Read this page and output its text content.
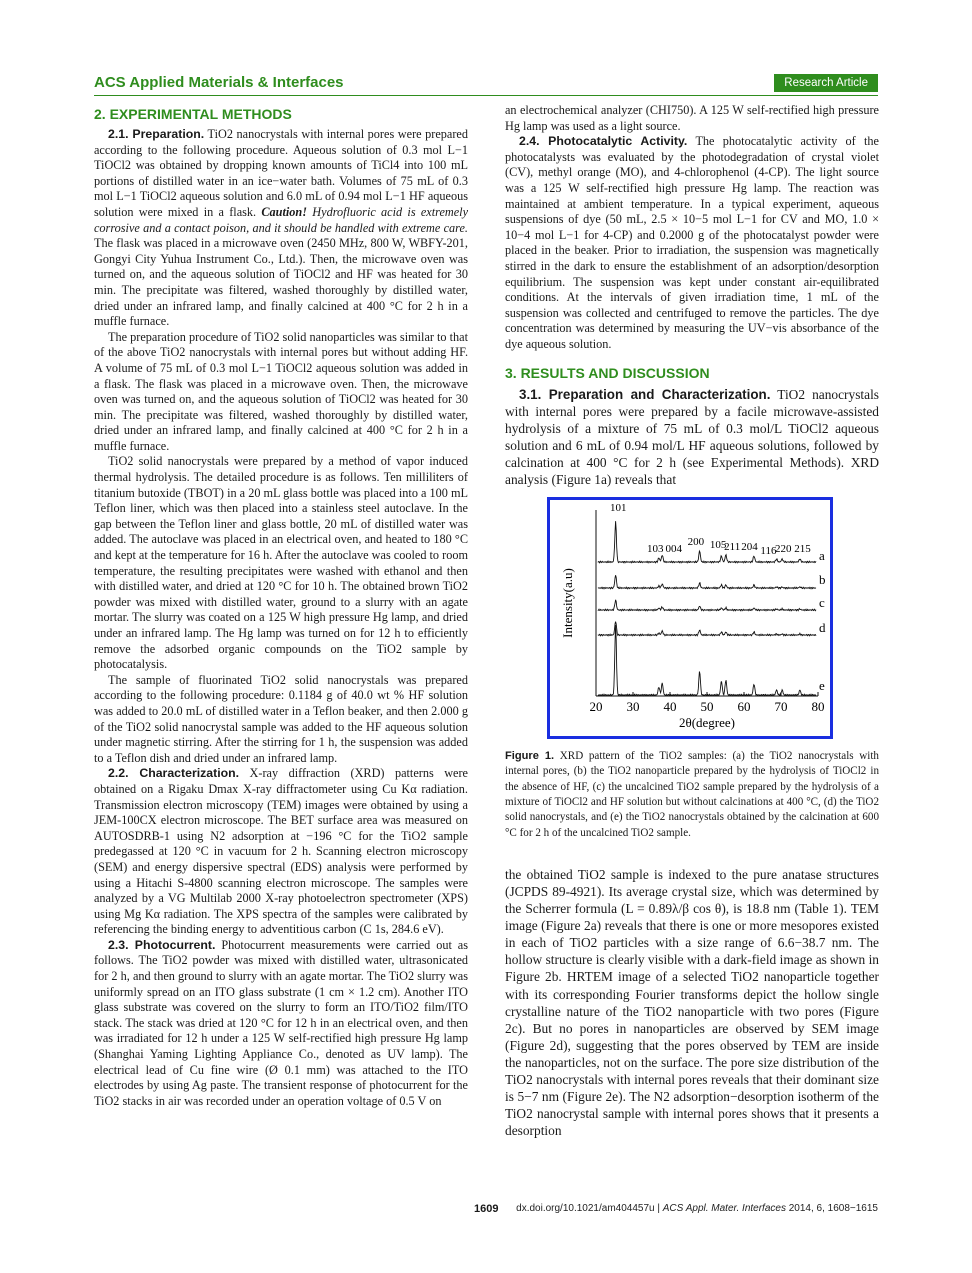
ACS Applied Materials & Interfaces	Research Article
2. EXPERIMENTAL METHODS

2.1. Preparation. TiO2 nanocrystals with internal pores were prepared according to the following procedure. Aqueous solution of 0.3 mol L−1 TiOCl2 was obtained by dropping known amounts of TiCl4 into 100 mL portions of distilled water in an ice−water bath. Volumes of 75 mL of 0.3 mol L−1 TiOCl2 aqueous solution and 6.0 mL of 0.94 mol L−1 HF aqueous solution were mixed in a flask. Caution! Hydrofluoric acid is extremely corrosive and a contact poison, and it should be handled with extreme care. The flask was placed in a microwave oven (2450 MHz, 800 W, WBFY-201, Gongyi City Yuhua Instrument Co., Ltd.). Then, the microwave oven was turned on, and the aqueous solution of TiOCl2 and HF was heated for 30 min. The precipitate was filtered, washed thoroughly by distilled water, dried under an infrared lamp, and finally calcined at 400 °C for 2 h in a muffle furnace.

The preparation procedure of TiO2 solid nanoparticles was similar to that of the above TiO2 nanocrystals with internal pores but without adding HF. A volume of 75 mL of 0.3 mol L−1 TiOCl2 aqueous solution was added in a flask. The flask was placed in a microwave oven. Then, the microwave oven was turned on, and the aqueous solution of TiOCl2 was heated for 30 min. The precipitate was filtered, washed thoroughly by distilled water, dried under an infrared lamp, and finally calcined at 400 °C for 2 h in a muffle furnace.

TiO2 solid nanocrystals were prepared by a method of vapor induced thermal hydrolysis. The detailed procedure is as follows. Ten milliliters of titanium butoxide (TBOT) in a 20 mL glass bottle was placed into a 100 mL Teflon liner, which was then placed into a stainless steel autoclave. In the gap between the Teflon liner and glass bottle, 20 mL of distilled water was added. The autoclave was placed in an electrical oven, and heated to 180 °C and kept at the temperature for 16 h. After the autoclave was cooled to room temperature, the resulting precipitates were washed with ethanol and then with distilled water, and dried at 120 °C for 10 h. The obtained brown TiO2 powder was mixed with distilled water, ground to a slurry with an agate mortar. The slurry was coated on a 125 W high pressure Hg lamp, and dried under an infrared lamp. The Hg lamp was turned on for 12 h to efficiently remove the adsorbed organic compounds on the TiO2 sample by photocatalysis.

The sample of fluorinated TiO2 solid nanocrystals was prepared according to the following procedure: 0.1184 g of 40.0 wt % HF solution was added to 20.0 mL of distilled water in a Teflon beaker, and then 2.000 g of the TiO2 solid nanocrystal sample was added to the HF aqueous solution under magnetic stirring. After the stirring for 1 h, the suspension was added to a Teflon dish and dried under an infrared lamp.

2.2. Characterization. X-ray diffraction (XRD) patterns were obtained on a Rigaku Dmax X-ray diffractometer using Cu Kα radiation. Transmission electron microscopy (TEM) images were obtained by using a JEM-100CX electron microscope. The BET surface area was measured on AUTOSDRB-1 using N2 adsorption at −196 °C for the TiO2 sample predegassed at 120 °C in vacuum for 2 h. Scanning electron microscopy (SEM) and energy dispersive spectral (EDS) analysis were performed by using a Hitachi S-4800 scanning electron microscope. The samples were analyzed by a VG Multilab 2000 X-ray photoelectron spectrometer (XPS) using Mg Kα radiation. The XPS spectra of the samples were calibrated by referencing the binding energy to adventitious carbon (C 1s, 284.6 eV).

2.3. Photocurrent. Photocurrent measurements were carried out as follows. The TiO2 powder was mixed with distilled water, ultrasonicated for 2 h, and then ground to slurry with an agate mortar. The TiO2 slurry was uniformly spread on an ITO glass substrate (1 cm × 1.2 cm). Another ITO glass substrate was covered on the slurry to form an ITO/TiO2 film/ITO stack. The stack was dried at 120 °C for 12 h in an electrical oven, and then was irradiated for 12 h under a 125 W self-rectified high pressure Hg lamp (Shanghai Yaming Lighting Appliance Co., denoted as UV lamp). The electrical lead of Cu fine wire (Ø 0.1 mm) was attached to the ITO electrodes by using Ag paste. The transient response of photocurrent for the TiO2 stacks in air was recorded under an operation voltage of 0.5 V on

an electrochemical analyzer (CHI750). A 125 W self-rectified high pressure Hg lamp was used as a light source.

2.4. Photocatalytic Activity. The photocatalytic activity of the photocatalysts was evaluated by the photodegradation of crystal violet (CV), methyl orange (MO), and 4-chlorophenol (4-CP). The light source was a 125 W self-rectified high pressure Hg lamp. The reaction was maintained at ambient temperature. In a typical experiment, aqueous suspensions of dye (50 mL, 2.5 × 10−5 mol L−1 for CV and MO, 1.0 × 10−4 mol L−1 for 4-CP) and 0.2000 g of the photocatalyst powder were placed in the beaker. Prior to irradiation, the suspension was magnetically stirred in the dark to ensure the establishment of an adsorption/desorption equilibrium. The suspension was kept under constant air-equilibrated conditions. At the intervals of given irradiation time, 1 mL of the suspension was collected and centrifuged to remove the particles. The dye concentration was determined by measuring the UV−vis absorbance of the dye aqueous solution.

3. RESULTS AND DISCUSSION

3.1. Preparation and Characterization. TiO2 nanocrystals with internal pores were prepared by a facile microwave-assisted hydrolysis of a mixture of 75 mL of 0.3 mol/L TiOCl2 aqueous solution and 6 mL of 0.94 mol/L HF aqueous solutions, followed by calcination at 400 °C for 2 h (see Experimental Methods). XRD analysis (Figure 1a) reveals that

20 30 40 50 60 70 80
2θ(degree)
Intensity(a.u)
a
b
c
d
e
101
103 004
200 105
211 204 116
220 215
Figure 1. XRD pattern of the TiO2 samples: (a) the TiO2 nanocrystals with internal pores, (b) the TiO2 nanoparticle prepared by the hydrolysis of TiOCl2 in the absence of HF, (c) the uncalcined TiO2 sample prepared by the hydrolysis of a mixture of TiOCl2 and HF solution but without calcinations at 400 °C, (d) the TiO2 solid nanocrystals, and (e) the TiO2 nanocrystals obtained by the calcination at 600 °C for 2 h of the uncalcined TiO2 sample.

the obtained TiO2 sample is indexed to the pure anatase structures (JCPDS 89-4921). Its average crystal size, which was determined by the Scherrer formula (L = 0.89λ/β cos θ), is 18.8 nm (Table 1). TEM image (Figure 2a) reveals that there is one or more mesopores existed in each of TiO2 particles with a size range of 6.6−38.7 nm. The hollow structure is clearly visible with a dark-field image as shown in Figure 2b. HRTEM image of a selected TiO2 nanoparticle together with its corresponding Fourier transforms depict the hollow single crystalline nature of the TiO2 nanoparticle with two pores (Figure 2c). But no pores in nanoparticles are observed by SEM image (Figure 2d), suggesting that the pores observed by TEM are inside the nanoparticles, not on the surface. The pore size distribution of the TiO2 nanocrystals with internal pores reveals that their dominant size is 5−7 nm (Figure 2e). The N2 adsorption−desorption isotherm of the TiO2 nanocrystal sample with internal pores shows that it presents a desorption

1609 dx.doi.org/10.1021/am404457u | ACS Appl. Mater. Interfaces 2014, 6, 1608−1615
